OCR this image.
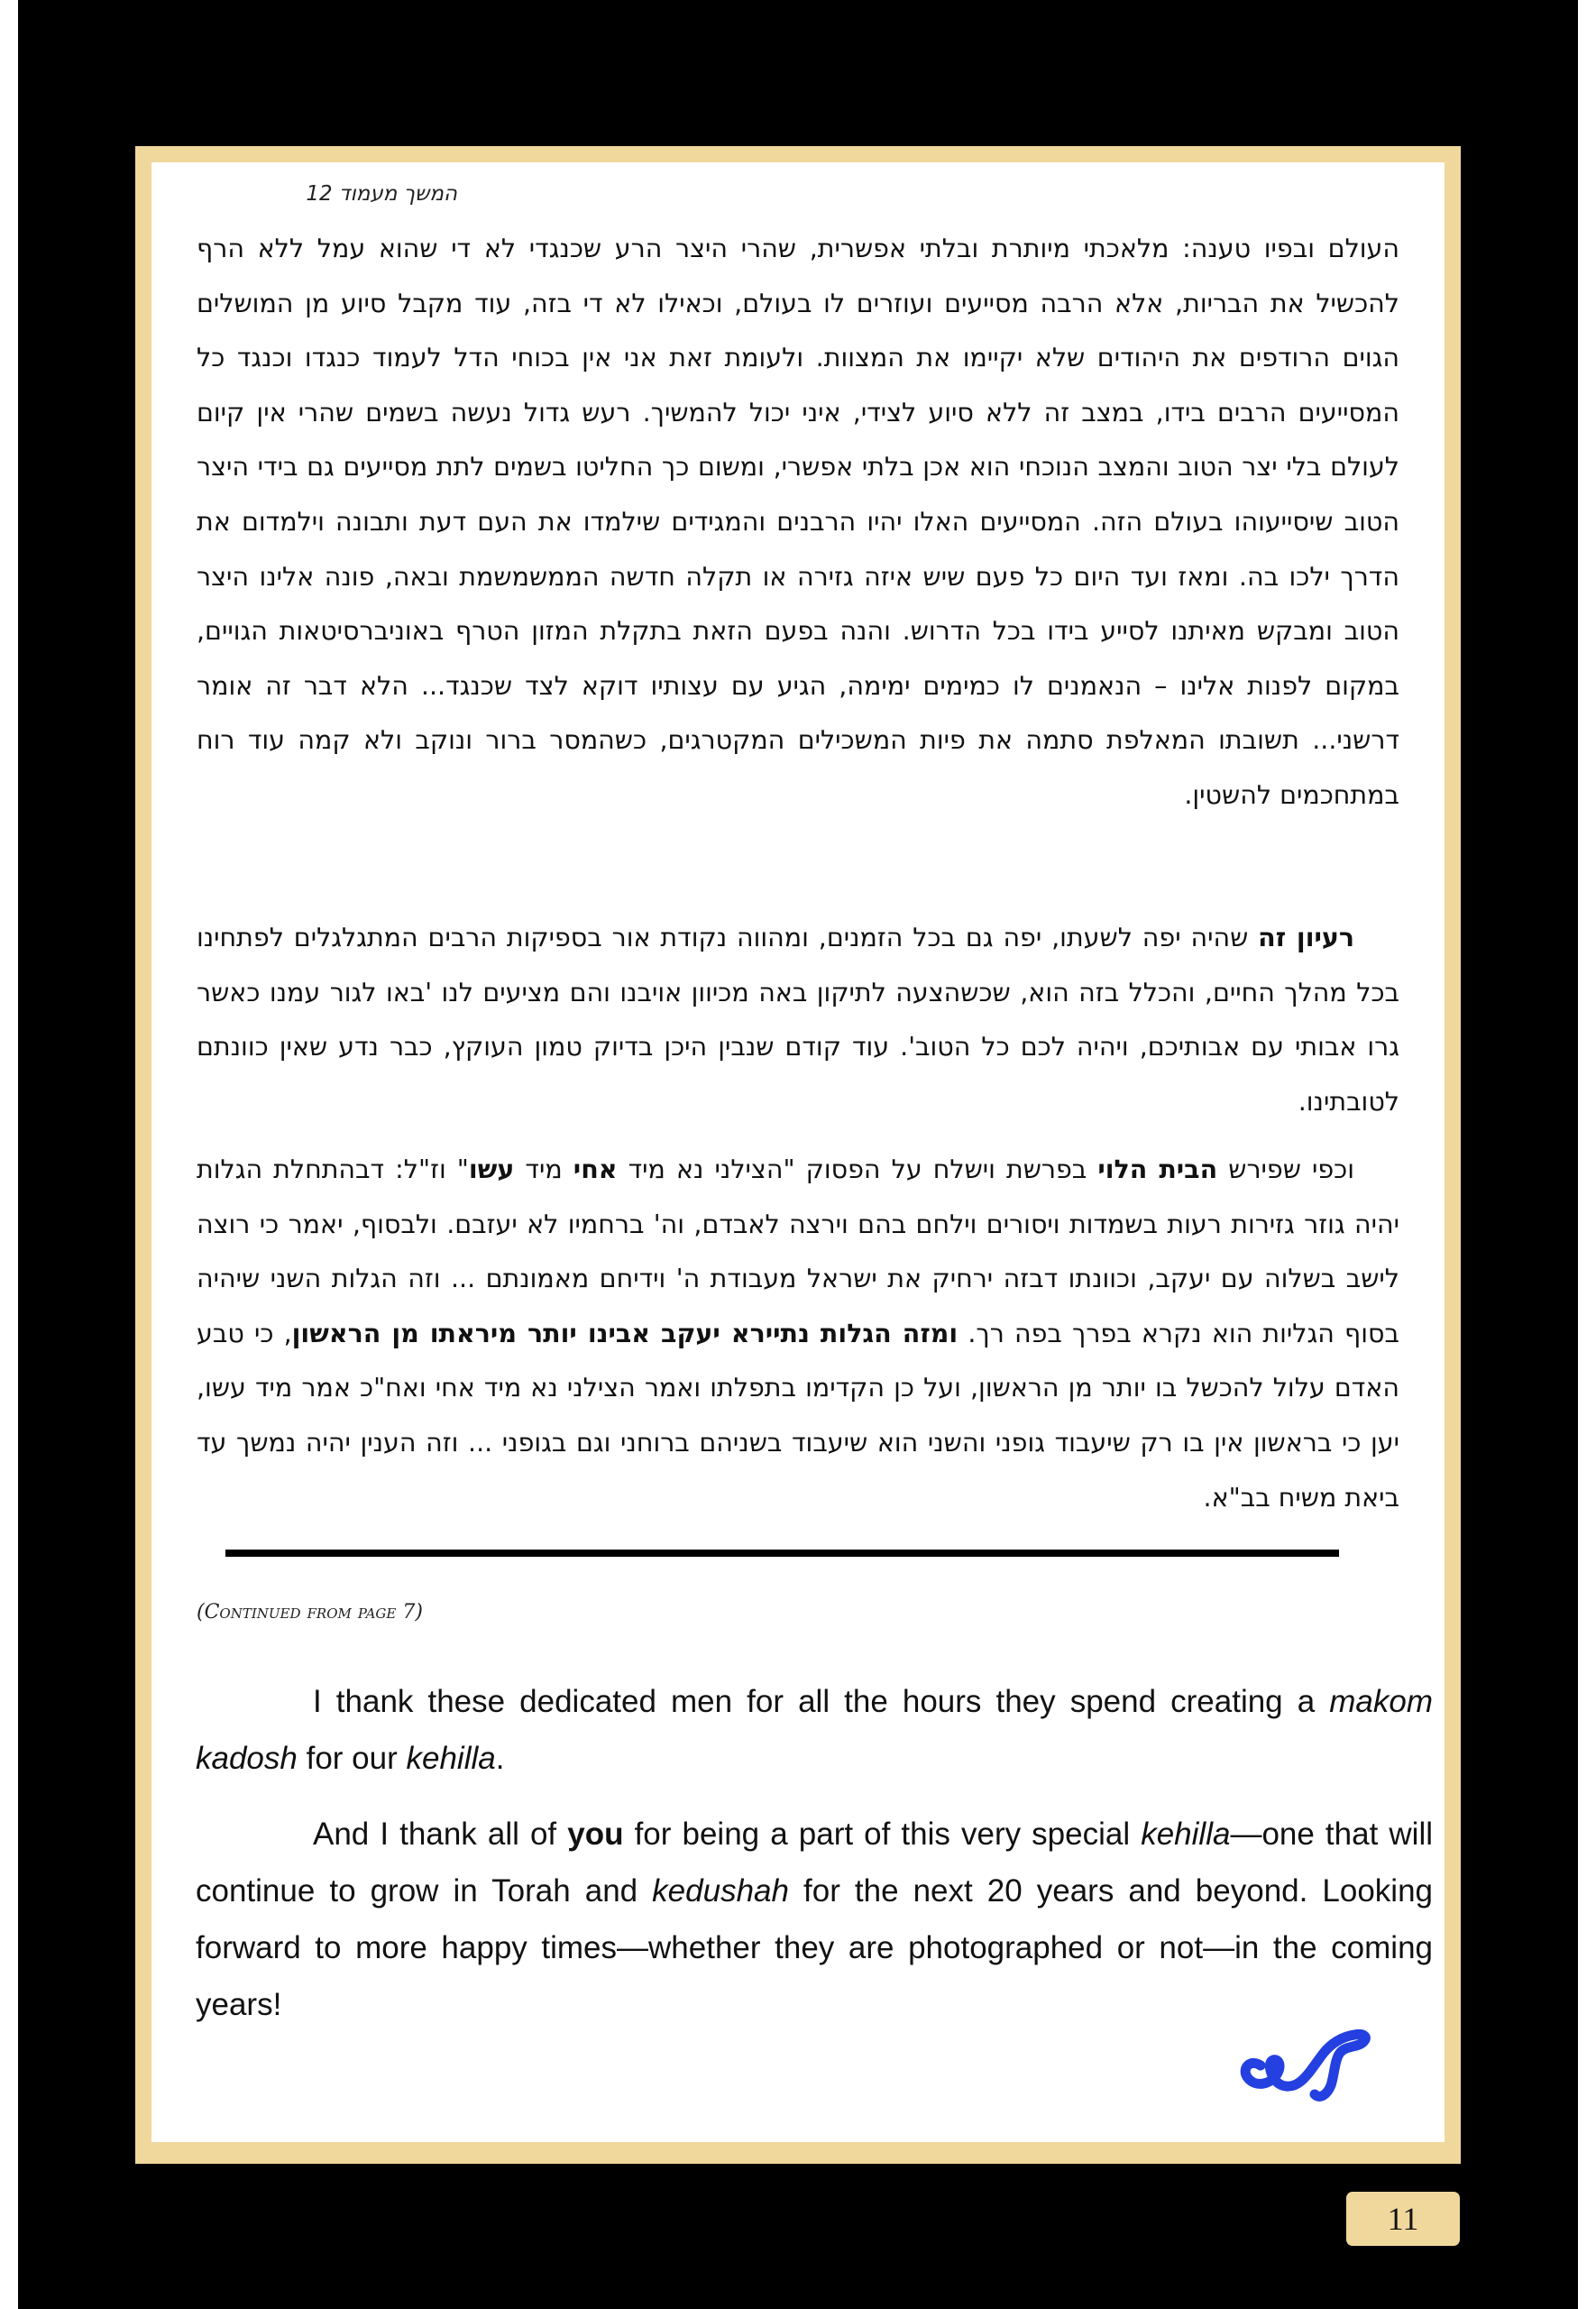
המשך מעמוד 12

העולם ובפיו טענה: מלאכתי מיותרת ובלתי אפשרית, שהרי היצר הרע שכנגדי לא די שהוא עמל ללא הרף להכשיל את הבריות, אלא הרבה מסייעים ועוזרים לו בעולם, וכאילו לא די בזה, עוד מקבל סיוע מן המושלים הגוים הרודפים את היהודים שלא יקיימו את המצוות. ולעומת זאת אני אין בכוחי הדל לעמוד כנגדו וכנגד כל המסייעים הרבים בידו, במצב זה ללא סיוע לצידי, איני יכול להמשיך. רעש גדול נעשה בשמים שהרי אין קיום לעולם בלי יצר הטוב והמצב הנוכחי הוא אכן בלתי אפשרי, ומשום כך החליטו בשמים לתת מסייעים גם בידי היצר הטוב שיסייעוהו בעולם הזה. המסייעים האלו יהיו הרבנים והמגידים שילמדו את העם דעת ותבונה וילמדום את הדרך ילכו בה. ומאז ועד היום כל פעם שיש איזה גזירה או תקלה חדשה הממשמשמת ובאה, פונה אלינו היצר הטוב ומבקש מאיתנו לסייע בידו בכל הדרוש. והנה בפעם הזאת בתקלת המזון הטרף באוניברסיטאות הגויים, במקום לפנות אלינו – הנאמנים לו כמימים ימימה, הגיע עם עצותיו דוקא לצד שכנגד... הלא דבר זה אומר דרשני... תשובתו המאלפת סתמה את פיות המשכילים המקטרגים, כשהמסר ברור ונוקב ולא קמה עוד רוח במתחכמים להשטין.

רעיון זה שהיה יפה לשעתו, יפה גם בכל הזמנים, ומהווה נקודת אור בספיקות הרבים המתגלגלים לפתחינו בכל מהלך החיים, והכלל בזה הוא, שכשהצעה לתיקון באה מכיוון אויבנו והם מציעים לנו 'באו לגור עמנו כאשר גרו אבותי עם אבותיכם, ויהיה לכם כל הטוב'. עוד קודם שנבין היכן בדיוק טמון העוקץ, כבר נדע שאין כוונתם לטובתינו.

וכפי שפירש הבית הלוי בפרשת וישלח על הפסוק "הצילני נא מיד אחי מיד עשו" וז"ל: דבהתחלת הגלות יהיה גוזר גזירות רעות בשמדות ויסורים וילחם בהם וירצה לאבדם, וה' ברחמיו לא יעזבם. ולבסוף, יאמר כי רוצה לישב בשלוה עם יעקב, וכוונתו דבזה ירחיק את ישראל מעבודת ה' וידיחם מאמונתם ... וזה הגלות השני שיהיה בסוף הגליות הוא נקרא בפרך בפה רך. ומזה הגלות נתיירא יעקב אבינו יותר מיראתו מן הראשון, כי טבע האדם עלול להכשל בו יותר מן הראשון, ועל כן הקדימו בתפלתו ואמר הצילני נא מיד אחי ואח"כ אמר מיד עשו, יען כי בראשון אין בו רק שיעבוד גופני והשני הוא שיעבוד בשניהם ברוחני וגם בגופני ... וזה הענין יהיה נמשך עד ביאת משיח בב"א.

(Continued from page 7)

I thank these dedicated men for all the hours they spend creating a makom kadosh for our kehilla.

And I thank all of you for being a part of this very special kehilla—one that will continue to grow in Torah and kedushah for the next 20 years and beyond. Looking forward to more happy times—whether they are photographed or not—in the coming years!

11
